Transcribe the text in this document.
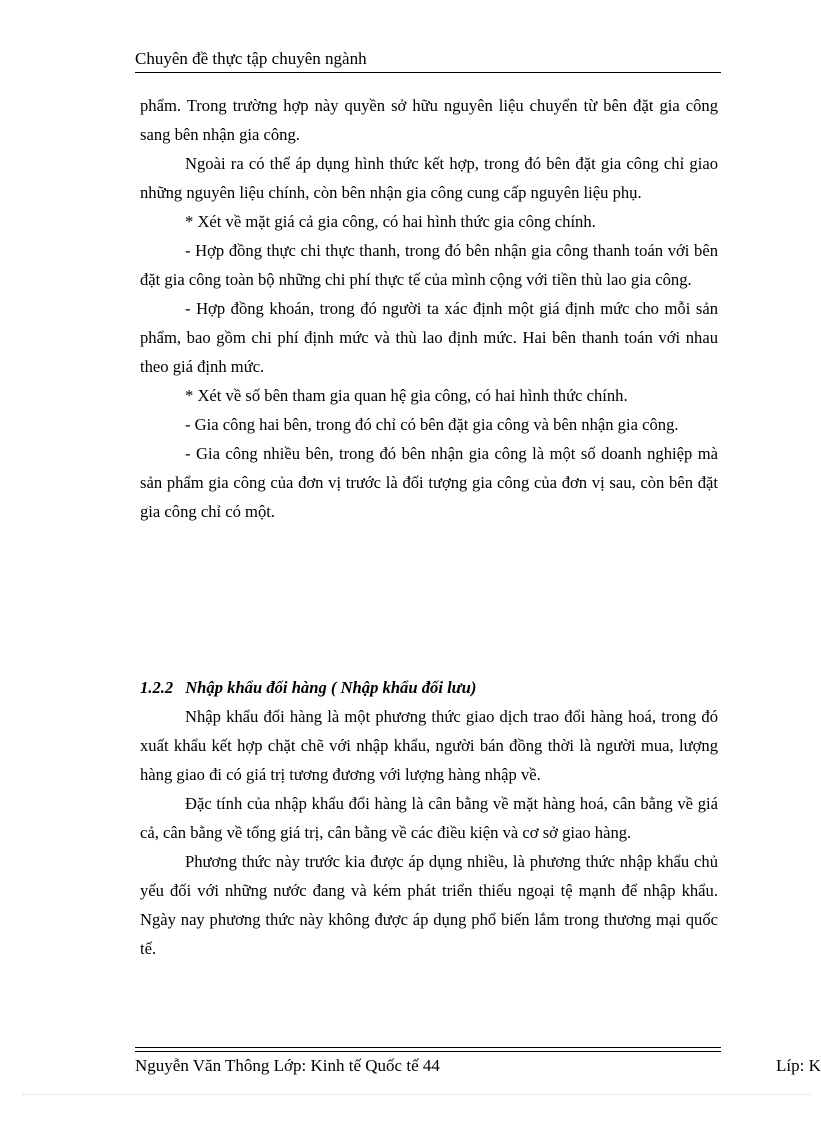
Chuyên đề thực tập chuyên ngành

phẩm. Trong trường hợp này quyền sở hữu nguyên liệu chuyển từ bên đặt gia công sang bên nhận gia công.

Ngoài ra có thể áp dụng hình thức kết hợp, trong đó bên đặt gia công chỉ giao những nguyên liệu chính, còn bên nhận gia công cung cấp nguyên liệu phụ.

* Xét về mặt giá cả gia công, có hai hình thức gia công chính.

- Hợp đồng thực chi thực thanh, trong đó bên nhận gia công thanh toán với bên đặt gia công toàn bộ những chi phí thực tế của mình cộng với tiền thù lao gia công.

- Hợp đồng khoán, trong đó người ta xác định một giá định mức cho mỗi sản phẩm, bao gồm chi phí định mức và thù lao định mức. Hai bên thanh toán với nhau theo giá định mức.

* Xét về số bên tham gia quan hệ gia công, có hai hình thức chính.

- Gia công hai bên, trong đó chỉ có bên đặt gia công và bên nhận gia công.

- Gia công nhiều bên, trong đó bên nhận gia công là một số doanh nghiệp mà sản phẩm gia công của đơn vị trước là đối tượng gia công của đơn vị sau, còn bên đặt gia công chỉ có một.

1.2.2 Nhập khẩu đối hàng ( Nhập khẩu đối lưu)

Nhập khẩu đổi hàng là một phương thức giao dịch trao đổi hàng hoá, trong đó xuất khẩu kết hợp chặt chẽ với nhập khẩu, người bán đồng thời là người mua, lượng hàng giao đi có giá trị tương đương với lượng hàng nhập về.

Đặc tính của nhập khẩu đổi hàng là cân bằng về mặt hàng hoá, cân bằng về giá cả, cân bằng về tổng giá trị, cân bằng về các điều kiện và cơ sở giao hàng.

Phương thức này trước kia được áp dụng nhiều, là phương thức nhập khẩu chủ yếu đối với những nước đang và kém phát triển thiếu ngoại tệ mạnh để nhập khẩu. Ngày nay phương thức này không được áp dụng phổ biến lắm trong thương mại quốc tế.

Nguyễn Văn Thông Lớp: Kinh tế Quốc tế 44	Líp: K
